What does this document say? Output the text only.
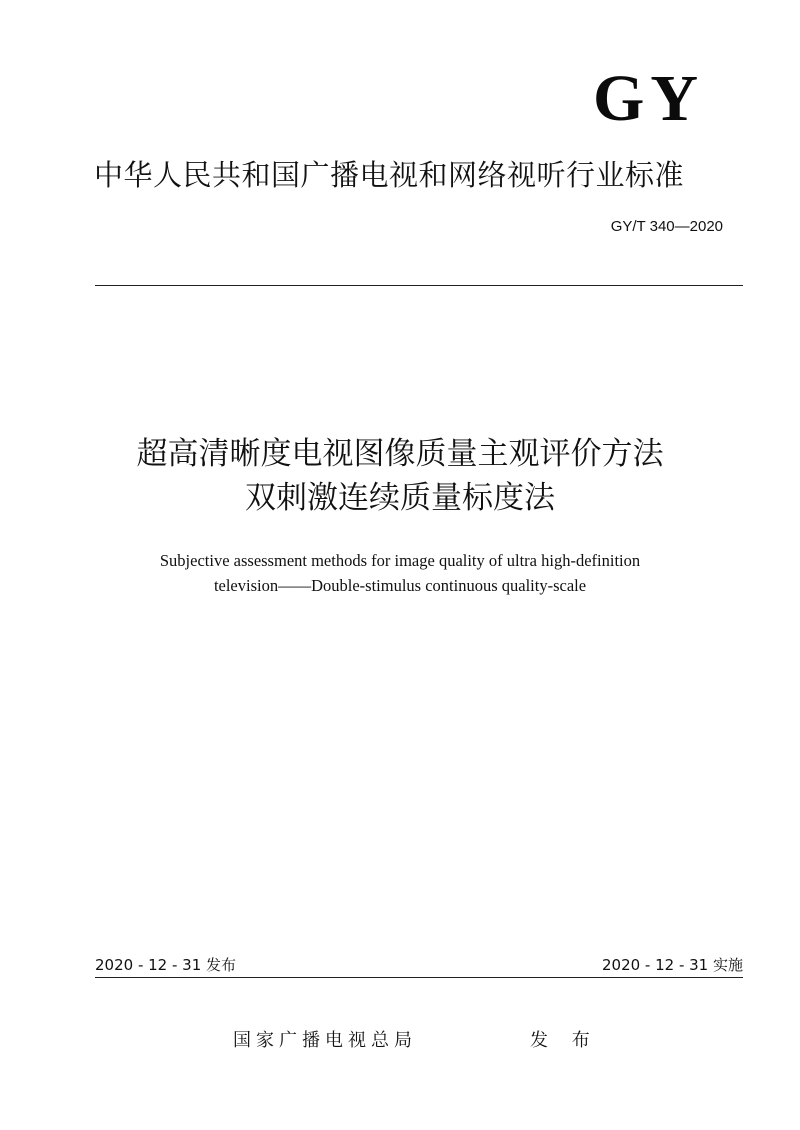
GY
中华人民共和国广播电视和网络视听行业标准
GY/T 340—2020
超高清晰度电视图像质量主观评价方法
双刺激连续质量标度法
Subjective assessment methods for image quality of ultra high-definition
television——Double-stimulus continuous quality-scale
2020 - 12 - 31 发布	2020 - 12 - 31 实施
国家广播电视总局	发 布
